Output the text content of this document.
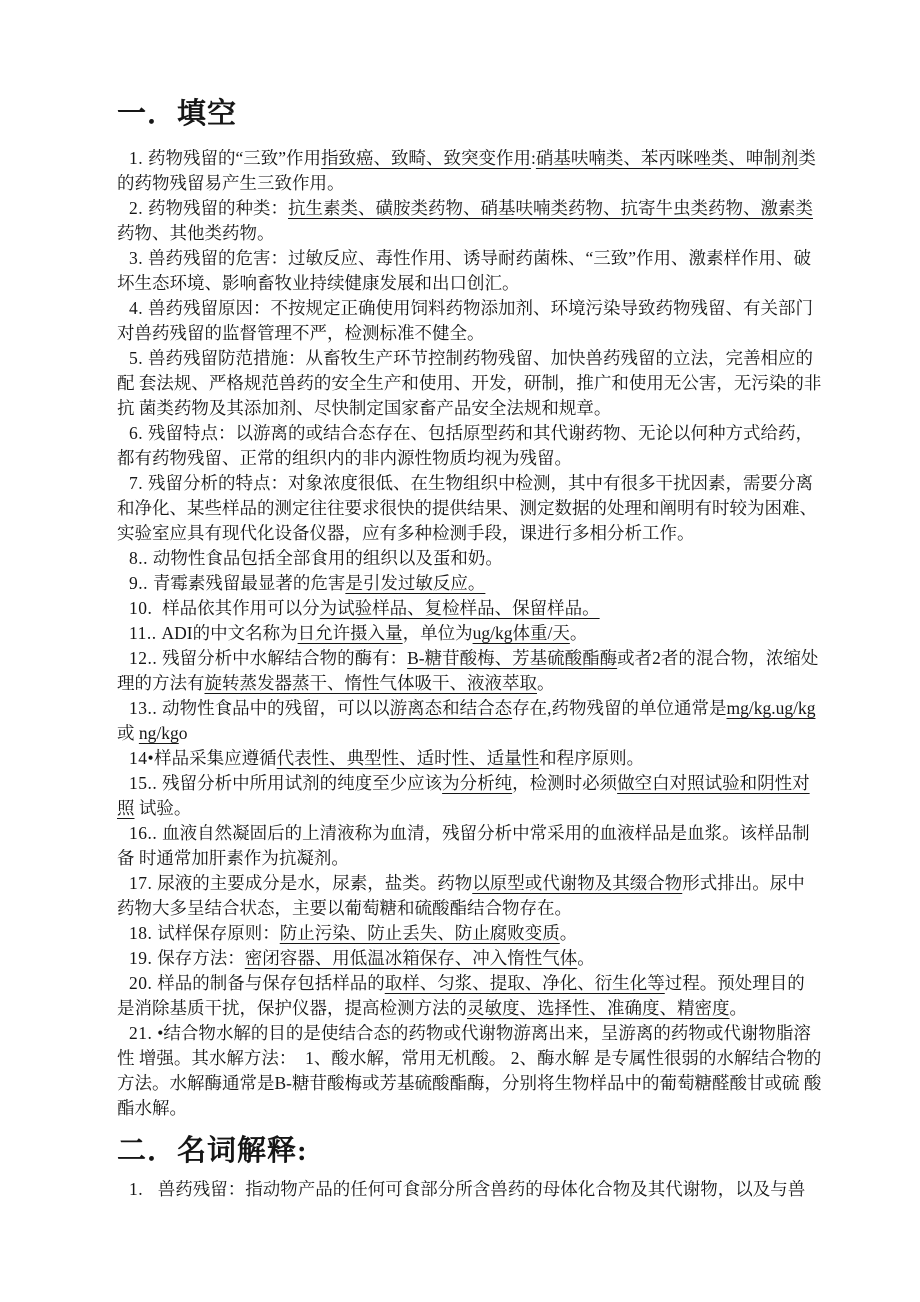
一．填空

1. 药物残留的“三致”作用指致癌、致畸、致突变作用:硝基呋喃类、苯丙咪唑类、呻制剂类的药物残留易产生三致作用。

2. 药物残留的种类：抗生素类、磺胺类药物、硝基呋喃类药物、抗寄牛虫类药物、激素类药物、其他类药物。

3. 兽药残留的危害：过敏反应、毒性作用、诱导耐药菌株、“三致”作用、激素样作用、破 坏生态环境、影响畜牧业持续健康发展和出口创汇。

4. 兽药残留原因：不按规定正确使用饲料药物添加剂、环境污染导致药物残留、有关部门对兽药残留的监督管理不严，检测标准不健全。

5. 兽药残留防范措施：从畜牧生产环节控制药物残留、加快兽药残留的立法，完善相应的配 套法规、严格规范兽药的安全生产和使用、开发，研制，推广和使用无公害，无污染的非抗 菌类药物及其添加剂、尽快制定国家畜产品安全法规和规章。

6. 残留特点：以游离的或结合态存在、包括原型药和其代谢药物、无论以何种方式给药，都有药物残留、正常的组织内的非内源性物质均视为残留。

7. 残留分析的特点：对象浓度很低、在生物组织中检测，其中有很多干扰因素，需要分离和净化、某些样品的测定往往要求很快的提供结果、测定数据的处理和阐明有时较为困难、 实验室应具有现代化设备仪器，应有多种检测手段，课进行多相分析工作。

8.. 动物性食品包括全部食用的组织以及蛋和奶。

9.. 青霉素残留最显著的危害是引发过敏反应。

10.  样品依其作用可以分为试验样品、复检样品、保留样品。

11.. ADI的中文名称为日允许摄入量，单位为ug/kg体重/天。

12.. 残留分析中水解结合物的酶有：B-糖苷酸梅、芳基硫酸酯酶或者2者的混合物，浓缩处理的方法有旋转蒸发器蒸干、惰性气体吸干、液液萃取。

13.. 动物性食品中的残留，可以以游离态和结合态存在,药物残留的单位通常是mg/kg.ug/kg 或 ng/kgo

14•样品采集应遵循代表性、典型性、适时性、适量性和程序原则。

15.. 残留分析中所用试剂的纯度至少应该为分析纯，检测时必须做空白对照试验和阴性对照 试验。

16.. 血液自然凝固后的上清液称为血清，残留分析中常采用的血液样品是血浆。该样品制备 时通常加肝素作为抗凝剂。

17. 尿液的主要成分是水，尿素，盐类。药物以原型或代谢物及其缀合物形式排出。尿中药物大多呈结合状态，主要以葡萄糖和硫酸酯结合物存在。

18. 试样保存原则：防止污染、防止丢失、防止腐败变质。

19. 保存方法：密闭容器、用低温冰箱保存、冲入惰性气体。

20. 样品的制备与保存包括样品的取样、匀浆、提取、净化、衍生化等过程。预处理目的是消除基质干扰，保护仪器，提高检测方法的灵敏度、选择性、准确度、精密度。

21. •结合物水解的目的是使结合态的药物或代谢物游离出来，呈游离的药物或代谢物脂溶性 增强。其水解方法：  1、酸水解，常用无机酸。 2、酶水解 是专属性很弱的水解结合物的 方法。水解酶通常是B-糖苷酸梅或芳基硫酸酯酶，分别将生物样品中的葡萄糖醛酸甘或硫 酸酯水解。

二．名词解释:

1.   兽药残留：指动物产品的任何可食部分所含兽药的母体化合物及其代谢物，以及与兽
